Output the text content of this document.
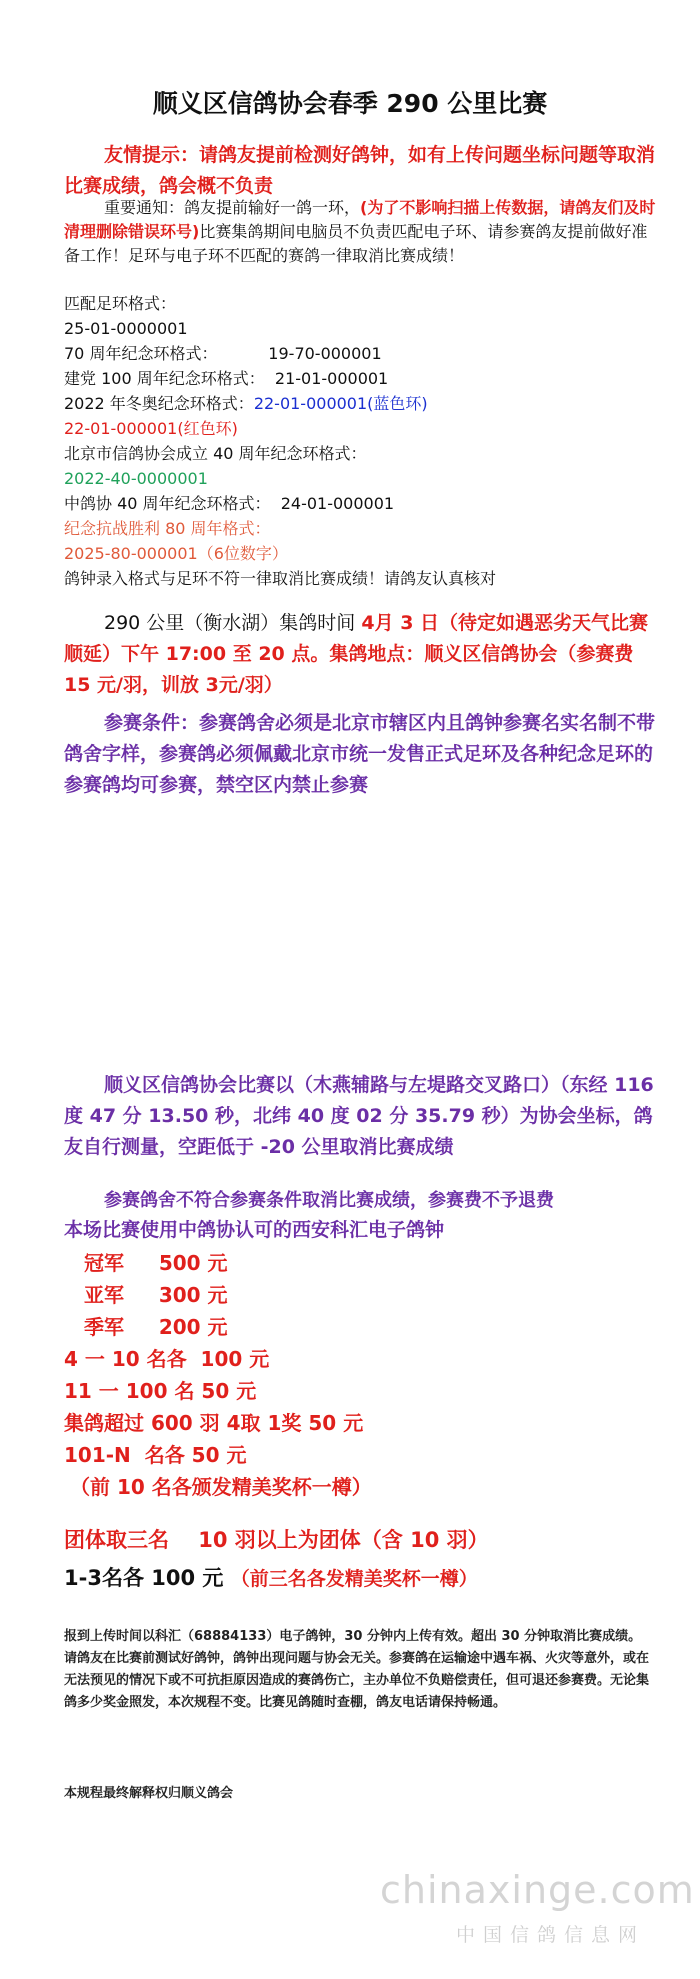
顺义区信鸽协会春季 290 公里比赛
友情提示：请鸽友提前检测好鸽钟，如有上传问题坐标问题等取消比赛成绩，鸽会概不负责
重要通知：鸽友提前输好一鸽一环，(为了不影响扫描上传数据，请鸽友们及时清理删除错误环号)比赛集鸽期间电脑员不负责匹配电子环、请参赛鸽友提前做好准备工作！足环与电子环不匹配的赛鸽一律取消比赛成绩！
匹配足环格式：
25-01-0000001
70 周年纪念环格式：          19-70-000001
建党 100 周年纪念环格式：  21-01-000001
2022 年冬奥纪念环格式：22-01-000001(蓝色环)
22-01-000001(红色环)
北京市信鸽协会成立 40 周年纪念环格式：
2022-40-0000001
中鸽协 40 周年纪念环格式：  24-01-000001
纪念抗战胜利 80 周年格式：
2025-80-000001（6位数字）
鸽钟录入格式与足环不符一律取消比赛成绩！请鸽友认真核对
290 公里（衡水湖）集鸽时间 4月 3 日（待定如遇恶劣天气比赛顺延）下午 17:00 至 20 点。集鸽地点：顺义区信鸽协会（参赛费 15 元/羽，训放 3元/羽）
参赛条件：参赛鸽舍必须是北京市辖区内且鸽钟参赛名实名制不带鸽舍字样，参赛鸽必须佩戴北京市统一发售正式足环及各种纪念足环的参赛鸽均可参赛，禁空区内禁止参赛
顺义区信鸽协会比赛以（木燕辅路与左堤路交叉路口）（东经 116 度 47 分 13.50 秒，北纬 40 度 02 分 35.79 秒）为协会坐标，鸽友自行测量，空距低于 -20 公里取消比赛成绩
参赛鸽舍不符合参赛条件取消比赛成绩，参赛费不予退费
本场比赛使用中鸽协认可的西安科汇电子鸽钟
冠军     500 元
亚军     300 元
季军     200 元
4 一 10 名各  100 元
11 一 100 名 50 元
集鸽超过 600 羽 4取 1奖 50 元
101-N  名各 50 元
（前 10 名各颁发精美奖杯一樽）
团体取三名    10 羽以上为团体（含 10 羽）
1-3名各 100 元 （前三名各发精美奖杯一樽）
报到上传时间以科汇（68884133）电子鸽钟，30 分钟内上传有效。超出 30 分钟取消比赛成绩。请鸽友在比赛前测试好鸽钟，鸽钟出现问题与协会无关。参赛鸽在运输途中遇车祸、火灾等意外，或在无法预见的情况下或不可抗拒原因造成的赛鸽伤亡，主办单位不负赔偿责任，但可退还参赛费。无论集鸽多少奖金照发，本次规程不变。比赛见鸽随时查棚，鸽友电话请保持畅通。
本规程最终解释权归顺义鸽会
chinaxinge.com
中国信鸽信息网
